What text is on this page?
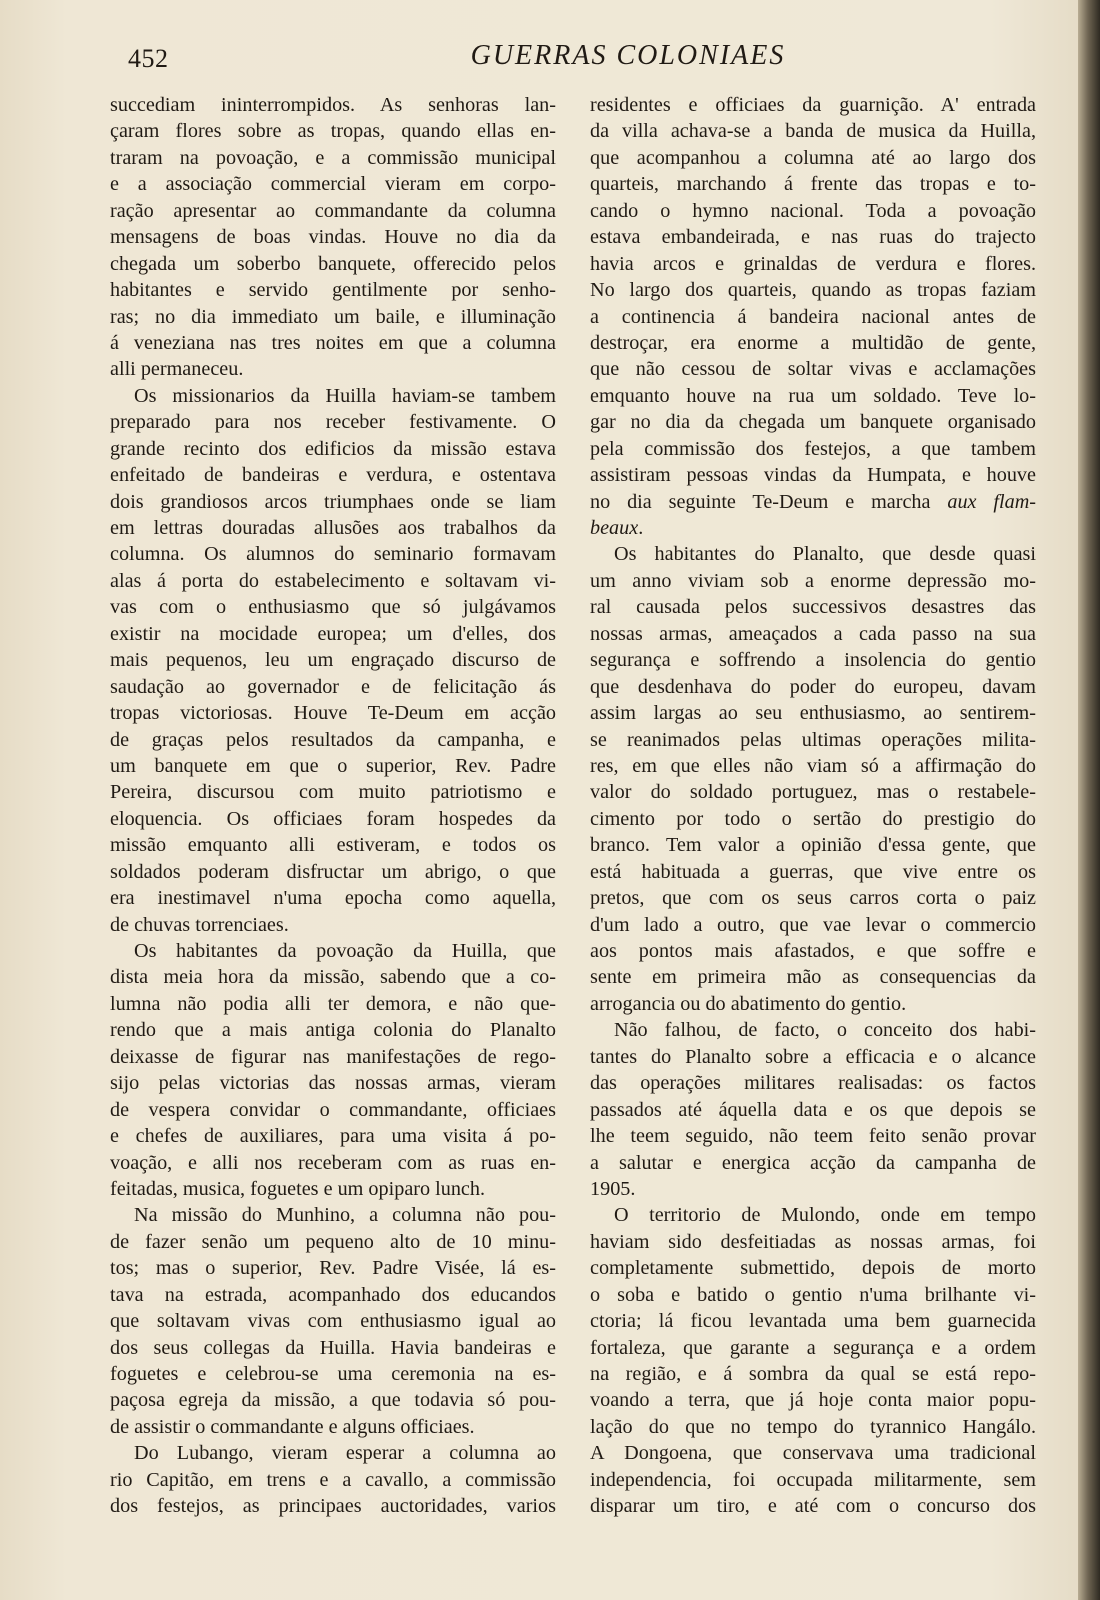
452	GUERRAS COLONIAES
succediam ininterrompidos. As senhoras lan-
çaram flores sobre as tropas, quando ellas en-
traram na povoação, e a commissão municipal
e a associação commercial vieram em corpo-
ração apresentar ao commandante da columna
mensagens de boas vindas. Houve no dia da
chegada um soberbo banquete, offerecido pelos
habitantes e servido gentilmente por senho-
ras; no dia immediato um baile, e illuminação
á veneziana nas tres noites em que a columna
alli permaneceu.
Os missionarios da Huilla haviam-se tambem
preparado para nos receber festivamente. O
grande recinto dos edificios da missão estava
enfeitado de bandeiras e verdura, e ostentava
dois grandiosos arcos triumphaes onde se liam
em lettras douradas allusões aos trabalhos da
columna. Os alumnos do seminario formavam
alas á porta do estabelecimento e soltavam vi-
vas com o enthusiasmo que só julgávamos
existir na mocidade europea; um d'elles, dos
mais pequenos, leu um engraçado discurso de
saudação ao governador e de felicitação ás
tropas victoriosas. Houve Te-Deum em acção
de graças pelos resultados da campanha, e
um banquete em que o superior, Rev. Padre
Pereira, discursou com muito patriotismo e
eloquencia. Os officiaes foram hospedes da
missão emquanto alli estiveram, e todos os
soldados poderam disfructar um abrigo, o que
era inestimavel n'uma epocha como aquella,
de chuvas torrenciaes.
Os habitantes da povoação da Huilla, que
dista meia hora da missão, sabendo que a co-
lumna não podia alli ter demora, e não que-
rendo que a mais antiga colonia do Planalto
deixasse de figurar nas manifestações de rego-
sijo pelas victorias das nossas armas, vieram
de vespera convidar o commandante, officiaes
e chefes de auxiliares, para uma visita á po-
voação, e alli nos receberam com as ruas en-
feitadas, musica, foguetes e um opiparo lunch.
Na missão do Munhino, a columna não pou-
de fazer senão um pequeno alto de 10 minu-
tos; mas o superior, Rev. Padre Visée, lá es-
tava na estrada, acompanhado dos educandos
que soltavam vivas com enthusiasmo igual ao
dos seus collegas da Huilla. Havia bandeiras e
foguetes e celebrou-se uma ceremonia na es-
paçosa egreja da missão, a que todavia só pou-
de assistir o commandante e alguns officiaes.
Do Lubango, vieram esperar a columna ao
rio Capitão, em trens e a cavallo, a commissão
dos festejos, as principaes auctoridades, varios
residentes e officiaes da guarnição. A' entrada
da villa achava-se a banda de musica da Huilla,
que acompanhou a columna até ao largo dos
quarteis, marchando á frente das tropas e to-
cando o hymno nacional. Toda a povoação
estava embandeirada, e nas ruas do trajecto
havia arcos e grinaldas de verdura e flores.
No largo dos quarteis, quando as tropas faziam
a continencia á bandeira nacional antes de
destroçar, era enorme a multidão de gente,
que não cessou de soltar vivas e acclamações
emquanto houve na rua um soldado. Teve lo-
gar no dia da chegada um banquete organisado
pela commissão dos festejos, a que tambem
assistiram pessoas vindas da Humpata, e houve
no dia seguinte Te-Deum e marcha aux flam-
beaux.
Os habitantes do Planalto, que desde quasi
um anno viviam sob a enorme depressão mo-
ral causada pelos successivos desastres das
nossas armas, ameaçados a cada passo na sua
segurança e soffrendo a insolencia do gentio
que desdenhava do poder do europeu, davam
assim largas ao seu enthusiasmo, ao sentirem-
se reanimados pelas ultimas operações milita-
res, em que elles não viam só a affirmação do
valor do soldado portuguez, mas o restabele-
cimento por todo o sertão do prestigio do
branco. Tem valor a opinião d'essa gente, que
está habituada a guerras, que vive entre os
pretos, que com os seus carros corta o paiz
d'um lado a outro, que vae levar o commercio
aos pontos mais afastados, e que soffre e
sente em primeira mão as consequencias da
arrogancia ou do abatimento do gentio.
Não falhou, de facto, o conceito dos habi-
tantes do Planalto sobre a efficacia e o alcance
das operações militares realisadas: os factos
passados até áquella data e os que depois se
lhe teem seguido, não teem feito senão provar
a salutar e energica acção da campanha de
1905.
O territorio de Mulondo, onde em tempo
haviam sido desfeitiadas as nossas armas, foi
completamente submettido, depois de morto
o soba e batido o gentio n'uma brilhante vi-
ctoria; lá ficou levantada uma bem guarnecida
fortaleza, que garante a segurança e a ordem
na região, e á sombra da qual se está repo-
voando a terra, que já hoje conta maior popu-
lação do que no tempo do tyrannico Hangálo.
A Dongoena, que conservava uma tradicional
independencia, foi occupada militarmente, sem
disparar um tiro, e até com o concurso dos
